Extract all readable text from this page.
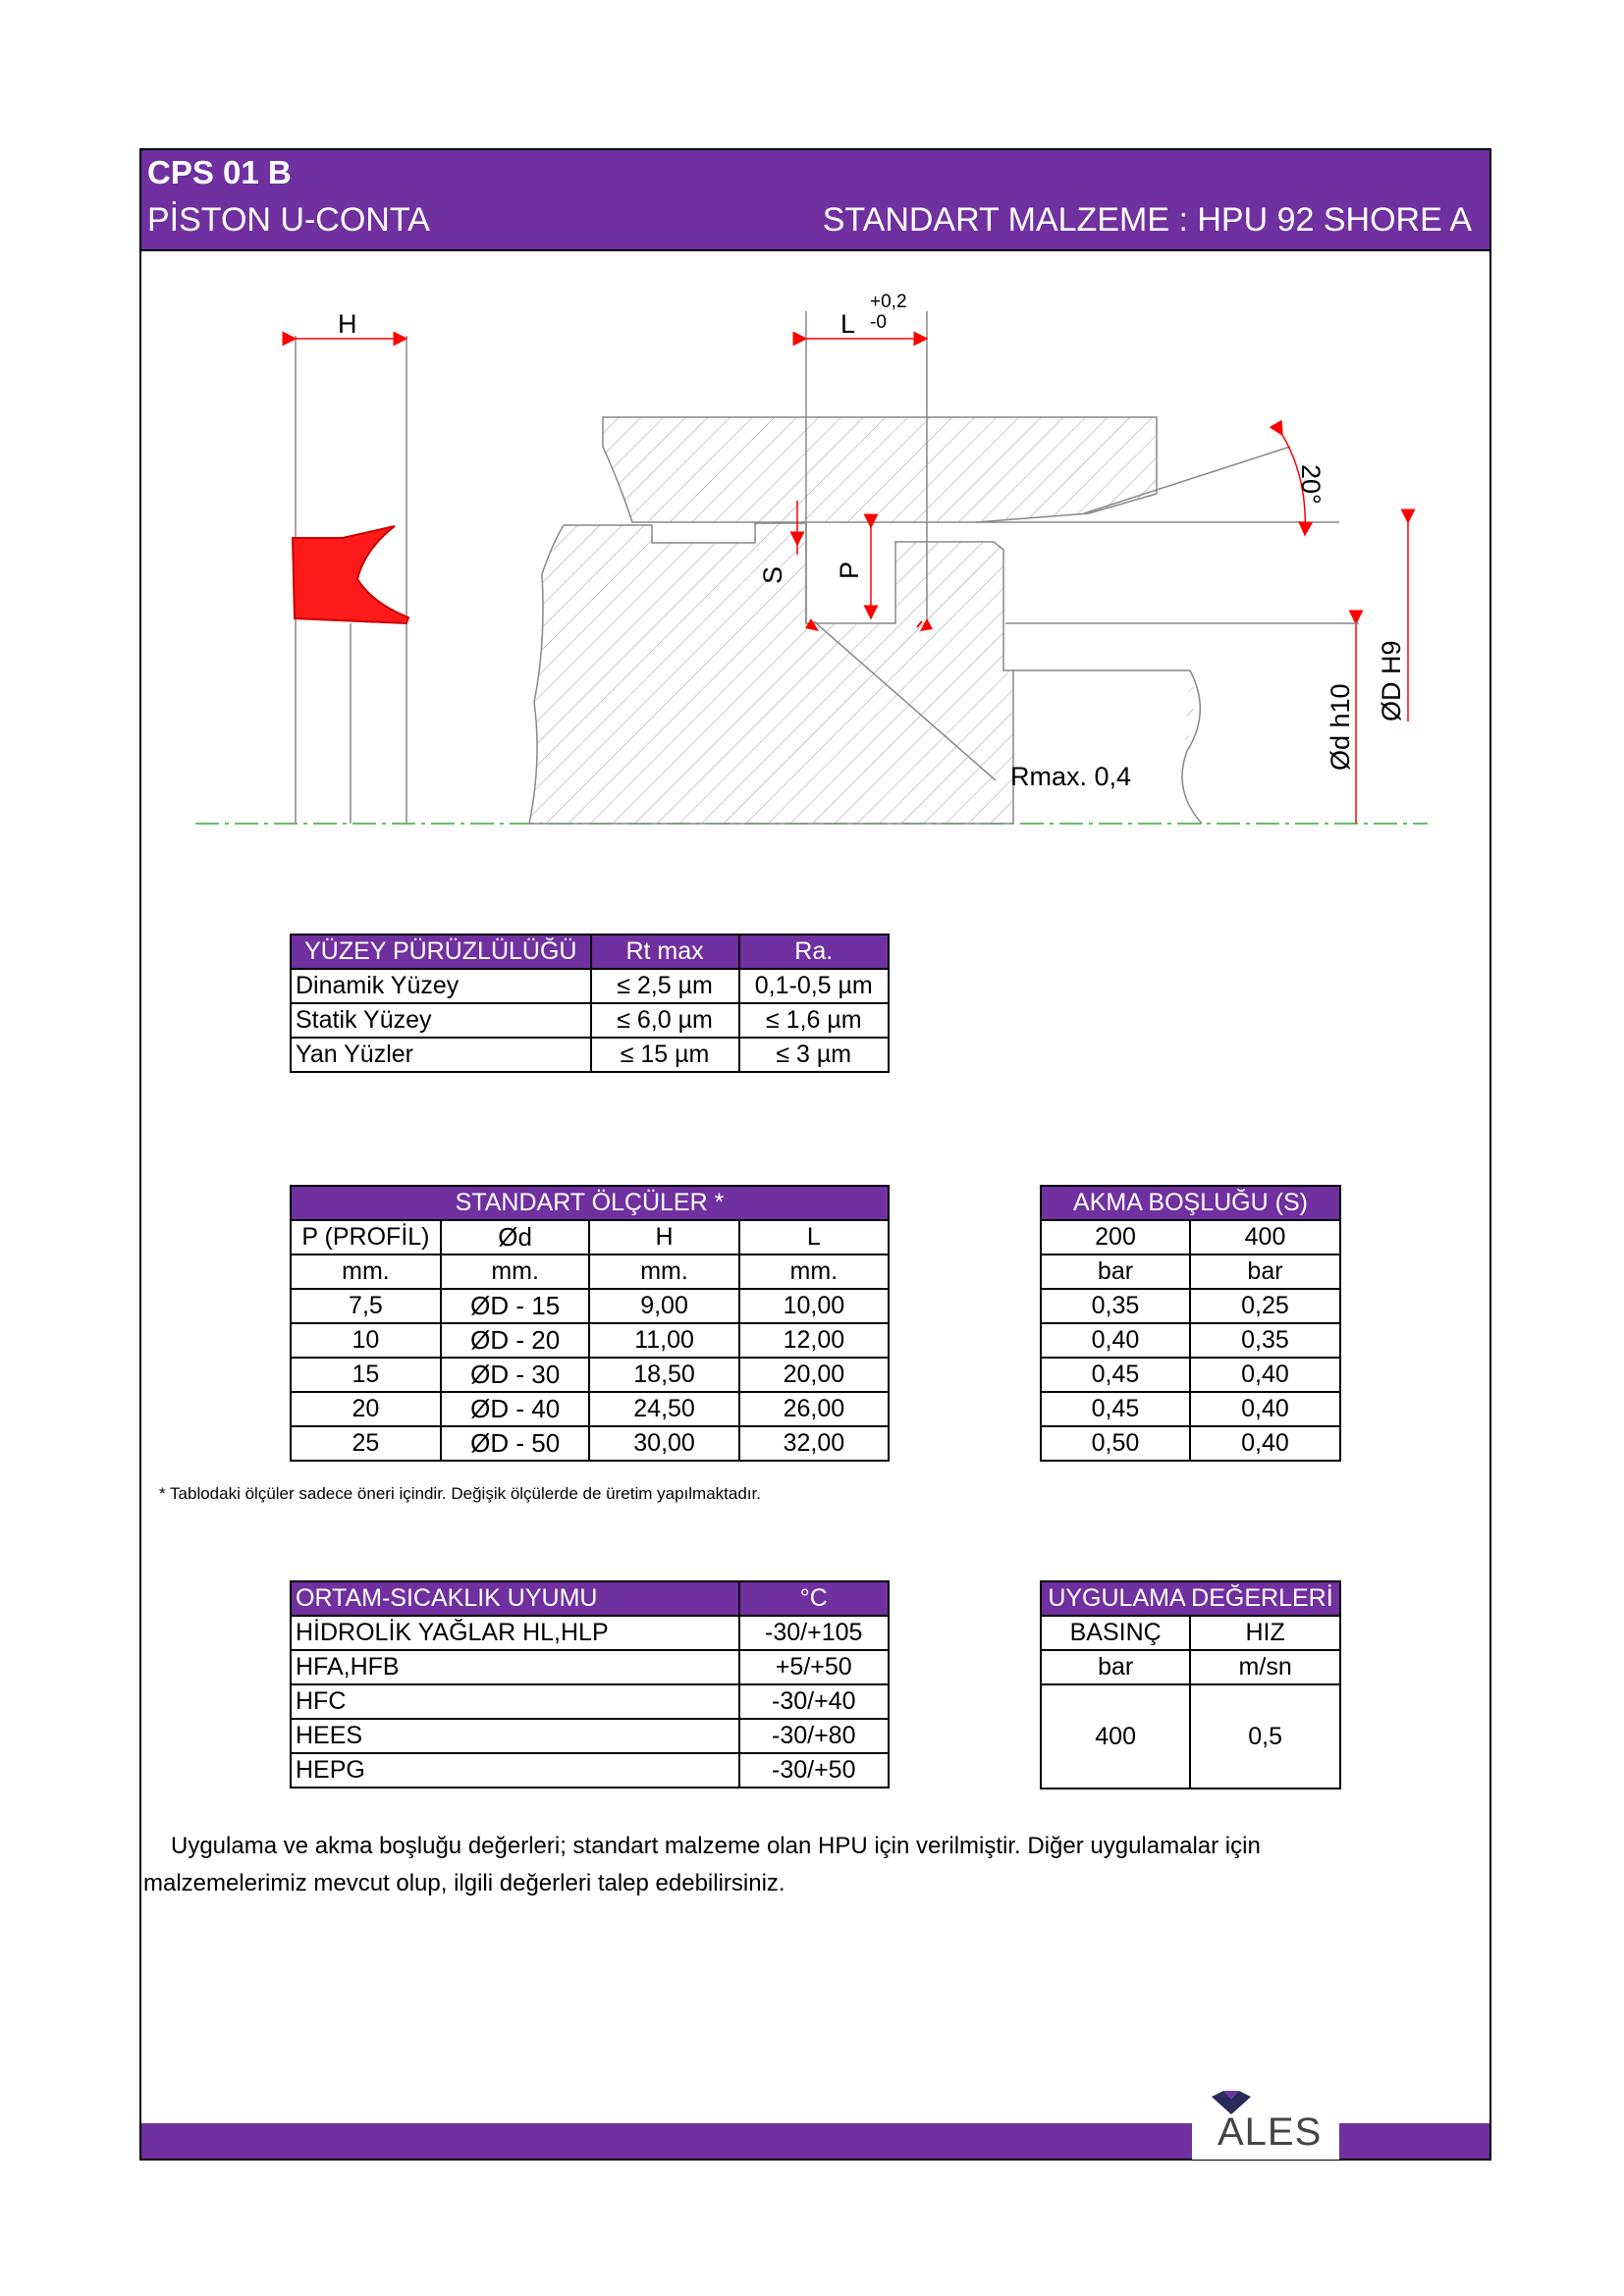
CPS 01 B
PİSTON U-CONTA	STANDART MALZEME : HPU 92 SHORE A
H	L
+0,2
-0
S P
20°
ØD H9
Ød h10
Rmax. 0,4
YÜZEY PÜRÜZLÜLÜĞÜ	Rt max	Ra.
Dinamik Yüzey	≤ 2,5 µm	0,1-0,5 µm
Statik Yüzey	≤ 6,0 µm	≤ 1,6 µm
Yan Yüzler	≤ 15 µm	≤ 3 µm
STANDART ÖLÇÜLER *			
P (PROFİL)	Ød	H	L
mm.	mm.	mm.	mm.
7,5	ØD - 15	9,00	10,00
10	ØD - 20	11,00	12,00
15	ØD - 30	18,50	20,00
20	ØD - 40	24,50	26,00
25	ØD - 50	30,00	32,00
AKMA BOŞLUĞU (S)	
200	400
bar	bar
0,35	0,25
0,40	0,35
0,45	0,40
0,45	0,40
0,50	0,40
* Tablodaki ölçüler sadece öneri içindir. Değişik ölçülerde de üretim yapılmaktadır.
ORTAM-SICAKLIK UYUMU	°C
HİDROLİK YAĞLAR HL,HLP	-30/+105
HFA,HFB	+5/+50
HFC	-30/+40
HEES	-30/+80
HEPG	-30/+50
UYGULAMA DEĞERLERİ	
BASINÇ	HIZ
bar	m/sn
400	0,5
Uygulama ve akma boşluğu değerleri; standart malzeme olan HPU için verilmiştir. Diğer uygulamalar için
malzemelerimiz mevcut olup, ilgili değerleri talep edebilirsiniz.
ALES
